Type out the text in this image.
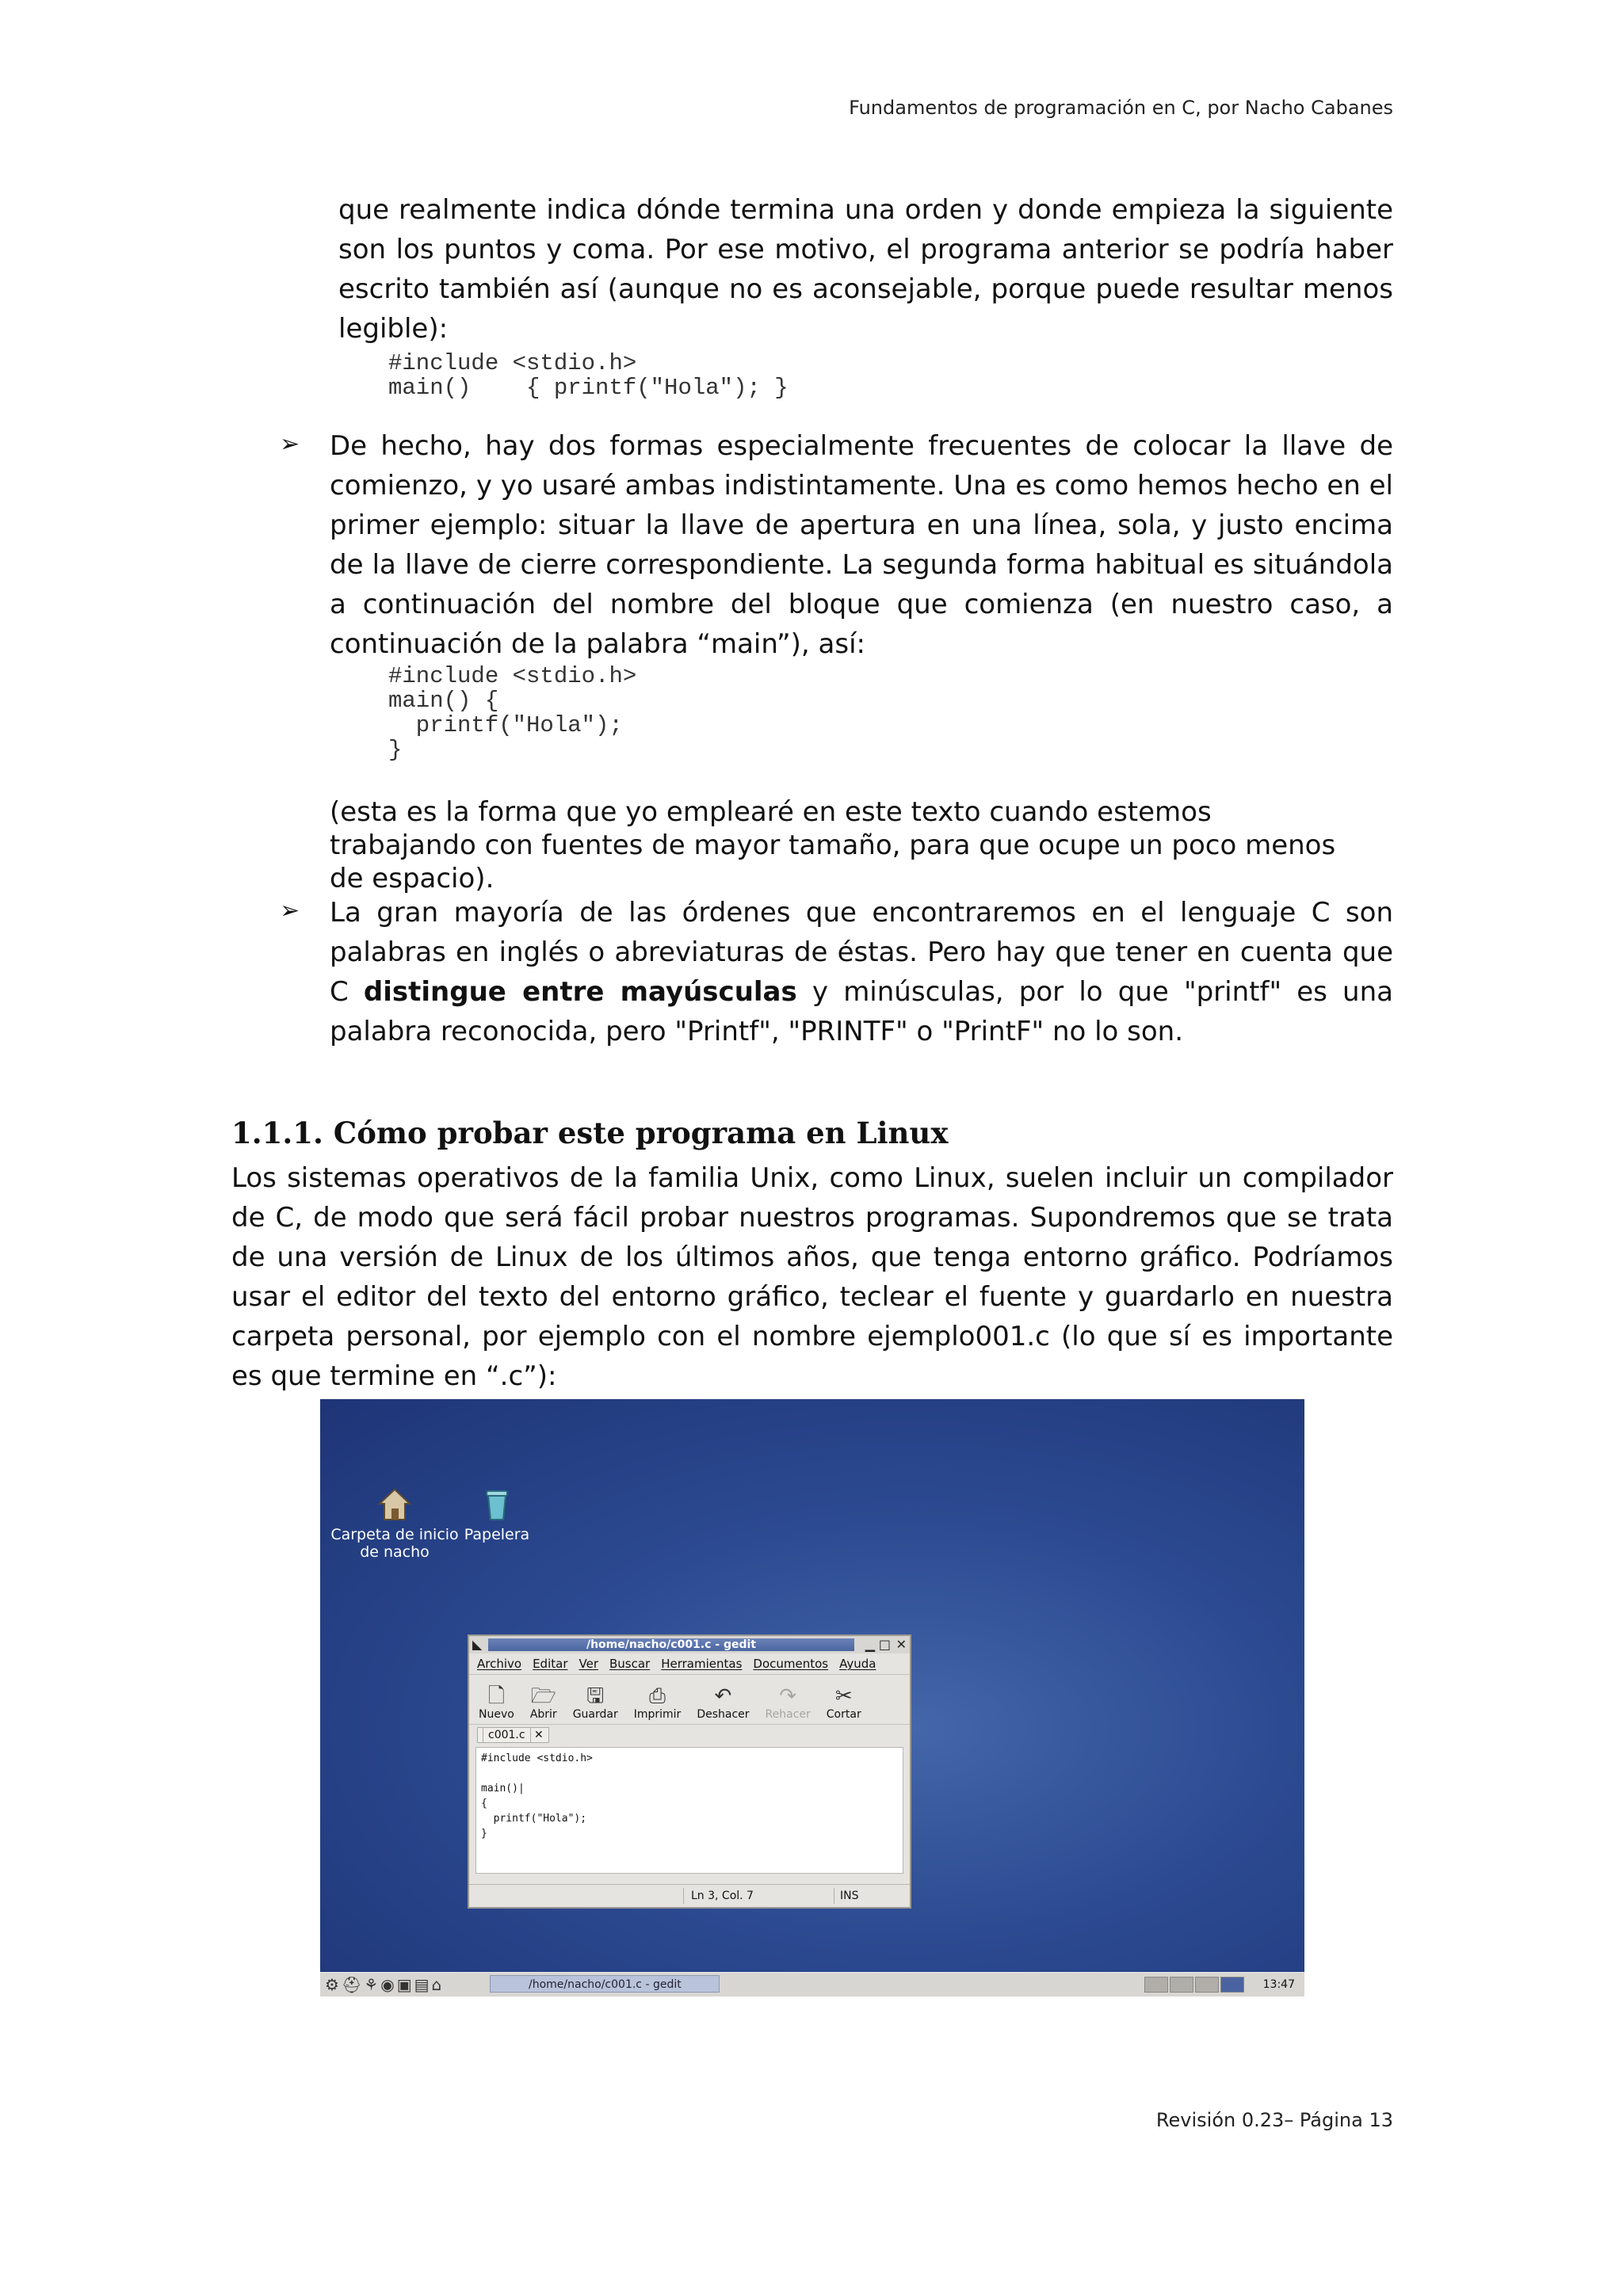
Fundamentos de programación en C, por Nacho Cabanes
que realmente indica dónde termina una orden y donde empieza la siguiente son los puntos y coma. Por ese motivo, el programa anterior se podría haber escrito también así (aunque no es aconsejable, porque puede resultar menos legible):
#include <stdio.h>
main()    { printf("Hola"); }
➢ De hecho, hay dos formas especialmente frecuentes de colocar la llave de comienzo, y yo usaré ambas indistintamente. Una es como hemos hecho en el primer ejemplo: situar la llave de apertura en una línea, sola, y justo encima de la llave de cierre correspondiente. La segunda forma habitual es situándola a continuación del nombre del bloque que comienza (en nuestro caso, a continuación de la palabra “main”), así:
#include <stdio.h>
main() {
printf("Hola");
}
(esta es la forma que yo emplearé en este texto cuando estemos trabajando con fuentes de mayor tamaño, para que ocupe un poco menos de espacio).
➢ La gran mayoría de las órdenes que encontraremos en el lenguaje C son palabras en inglés o abreviaturas de éstas. Pero hay que tener en cuenta que C distingue entre mayúsculas y minúsculas, por lo que "printf" es una palabra reconocida, pero "Printf", "PRINTF" o "PrintF" no lo son.
1.1.1. Cómo probar este programa en Linux
Los sistemas operativos de la familia Unix, como Linux, suelen incluir un compilador de C, de modo que será fácil probar nuestros programas. Supondremos que se trata de una versión de Linux de los últimos años, que tenga entorno gráfico. Podríamos usar el editor del texto del entorno gráfico, teclear el fuente y guardarlo en nuestra carpeta personal, por ejemplo con el nombre ejemplo001.c (lo que sí es importante es que termine en “.c”):
Carpeta de inicio de nacho
Papelera
◣	/home/nacho/c001.c - gedit	▁ □ ✕
Archivo Editar Ver Buscar Herramientas Documentos Ayuda
🗋
Nuevo
🗁
Abrir
🖫
Guardar
⎙
Imprimir
↶
Deshacer
↷
Rehacer
✂
Cortar
c001.c ✕
#include <stdio.h>

main()|
{
printf("Hola");
}
Ln 3, Col. 7	INS
⚙⛑⚘◉▣▤⌂	/home/nacho/c001.c - gedit	13:47
Revisión 0.23– Página 13
